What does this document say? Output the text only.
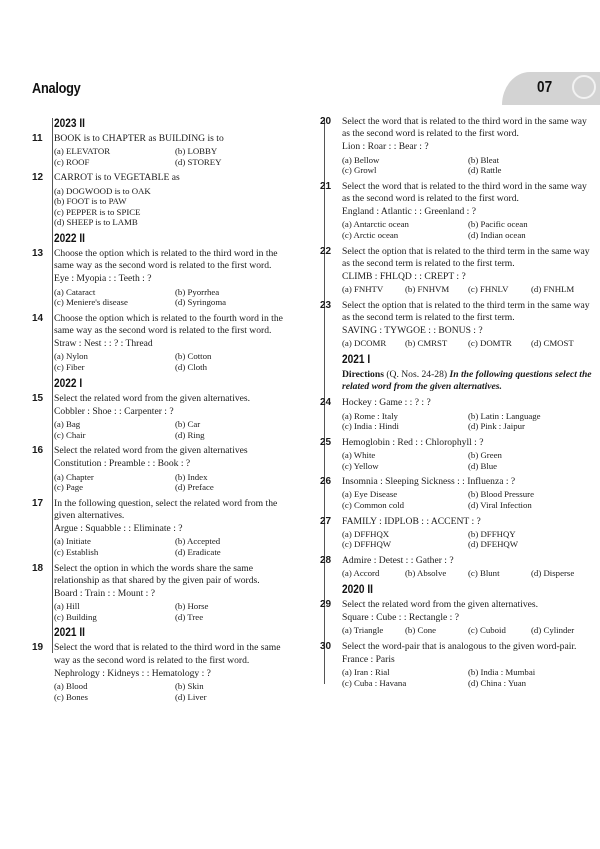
Analogy	07
2023 II
11	BOOK is to CHAPTER as BUILDING is to
(a) ELEVATOR	(b) LOBBY
(c) ROOF	(d) STOREY
12	CARROT is to VEGETABLE as
(a) DOGWOOD is to OAK
(b) FOOT is to PAW
(c) PEPPER is to SPICE
(d) SHEEP is to LAMB
2022 II
13	Choose the option which is related to the third word in the same way as the second word is related to the first word.
Eye : Myopia : : Teeth : ?
(a) Cataract	(b) Pyorrhea
(c) Meniere's disease	(d) Syringoma
14	Choose the option which is related to the fourth word in the same way as the second word is related to the first word.
Straw : Nest : : ? : Thread
(a) Nylon	(b) Cotton
(c) Fiber	(d) Cloth
2022 I
15	Select the related word from the given alternatives.
Cobbler : Shoe : : Carpenter : ?
(a) Bag	(b) Car
(c) Chair	(d) Ring
16	Select the related word from the given alternatives
Constitution : Preamble : : Book : ?
(a) Chapter	(b) Index
(c) Page	(d) Preface
17	In the following question, select the related word from the given alternatives.
Argue : Squabble : : Eliminate : ?
(a) Initiate	(b) Accepted
(c) Establish	(d) Eradicate
18	Select the option in which the words share the same relationship as that shared by the given pair of words.
Board : Train : : Mount : ?
(a) Hill	(b) Horse
(c) Building	(d) Tree
2021 II
19	Select the word that is related to the third word in the same way as the second word is related to the first word.
Nephrology : Kidneys : : Hematology : ?
(a) Blood	(b) Skin
(c) Bones	(d) Liver
20	Select the word that is related to the third word in the same way as the second word is related to the first word.
Lion : Roar : : Bear : ?
(a) Bellow	(b) Bleat
(c) Growl	(d) Rattle
21	Select the word that is related to the third word in the same way as the second word is related to the first word.
England : Atlantic : : Greenland : ?
(a) Antarctic ocean	(b) Pacific ocean
(c) Arctic ocean	(d) Indian ocean
22	Select the option that is related to the third term in the same way as the second term is related to the first term.
CLIMB : FHLQD : : CREPT : ?
(a) FNHTV	(b) FNHVM	(c) FHNLV	(d) FNHLM
23	Select the option that is related to the third term in the same way as the second term is related to the first term.
SAVING : TYWGOE : : BONUS : ?
(a) DCOMR	(b) CMRST	(c) DOMTR	(d) CMOST
2021 I
Directions (Q. Nos. 24-28) In the following questions select the related word from the given alternatives.
24	Hockey : Game : : ? : ?
(a) Rome : Italy	(b) Latin : Language
(c) India : Hindi	(d) Pink : Jaipur
25	Hemoglobin : Red : : Chlorophyll : ?
(a) White	(b) Green
(c) Yellow	(d) Blue
26	Insomnia : Sleeping Sickness : : Influenza : ?
(a) Eye Disease	(b) Blood Pressure
(c) Common cold	(d) Viral Infection
27	FAMILY : IDPLOB : : ACCENT : ?
(a) DFFHQX	(b) DFFHQY
(c) DFFHQW	(d) DFEHQW
28	Admire : Detest : : Gather : ?
(a) Accord	(b) Absolve	(c) Blunt	(d) Disperse
2020 II
29	Select the related word from the given alternatives.
Square : Cube : : Rectangle : ?
(a) Triangle	(b) Cone	(c) Cuboid	(d) Cylinder
30	Select the word-pair that is analogous to the given word-pair.
France : Paris
(a) Iran : Rial	(b) India : Mumbai
(c) Cuba : Havana	(d) China : Yuan
